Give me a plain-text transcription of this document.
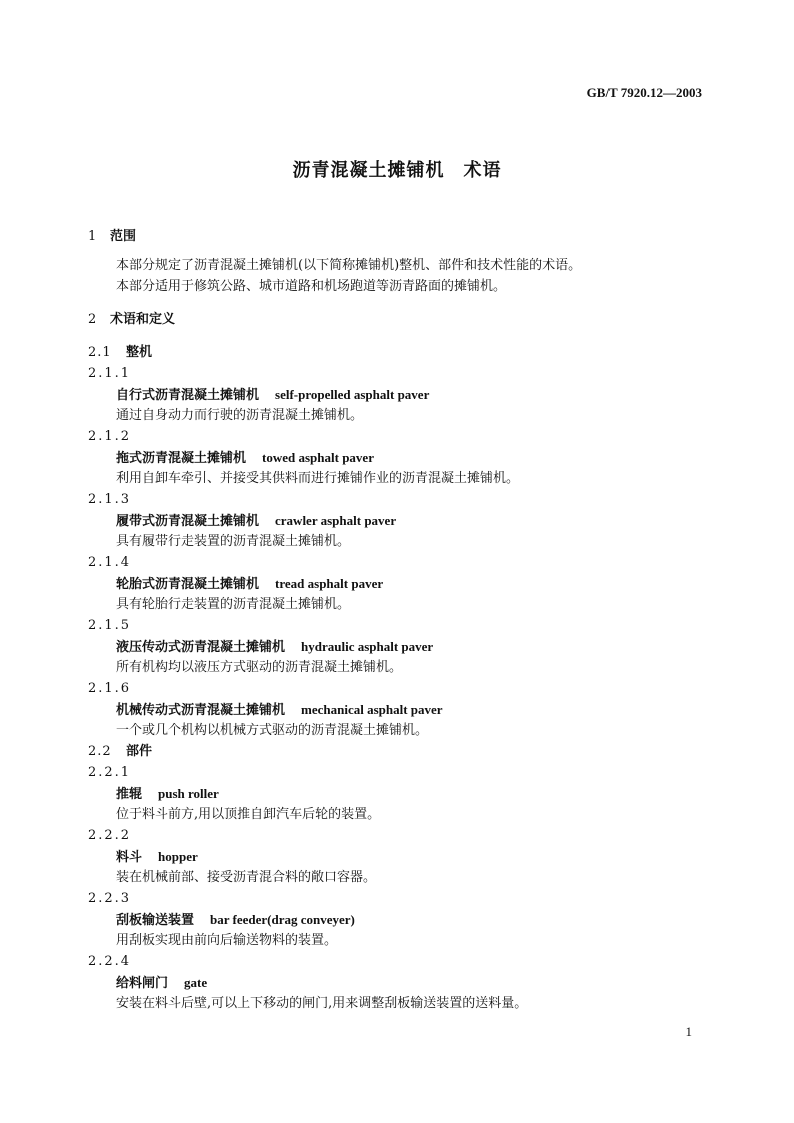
GB/T 7920.12—2003
沥青混凝土摊铺机　术语
1 范围
本部分规定了沥青混凝土摊铺机(以下简称摊铺机)整机、部件和技术性能的术语。
本部分适用于修筑公路、城市道路和机场跑道等沥青路面的摊铺机。
2 术语和定义
2.1 整机
2.1.1
自行式沥青混凝土摊铺机 self-propelled asphalt paver
通过自身动力而行驶的沥青混凝土摊铺机。
2.1.2
拖式沥青混凝土摊铺机 towed asphalt paver
利用自卸车牵引、并接受其供料而进行摊铺作业的沥青混凝土摊铺机。
2.1.3
履带式沥青混凝土摊铺机 crawler asphalt paver
具有履带行走装置的沥青混凝土摊铺机。
2.1.4
轮胎式沥青混凝土摊铺机 tread asphalt paver
具有轮胎行走装置的沥青混凝土摊铺机。
2.1.5
液压传动式沥青混凝土摊铺机 hydraulic asphalt paver
所有机构均以液压方式驱动的沥青混凝土摊铺机。
2.1.6
机械传动式沥青混凝土摊铺机 mechanical asphalt paver
一个或几个机构以机械方式驱动的沥青混凝土摊铺机。
2.2 部件
2.2.1
推辊 push roller
位于料斗前方,用以顶推自卸汽车后轮的装置。
2.2.2
料斗 hopper
装在机械前部、接受沥青混合料的敞口容器。
2.2.3
刮板输送装置 bar feeder(drag conveyer)
用刮板实现由前向后输送物料的装置。
2.2.4
给料闸门 gate
安装在料斗后壁,可以上下移动的闸门,用来调整刮板输送装置的送料量。
1
